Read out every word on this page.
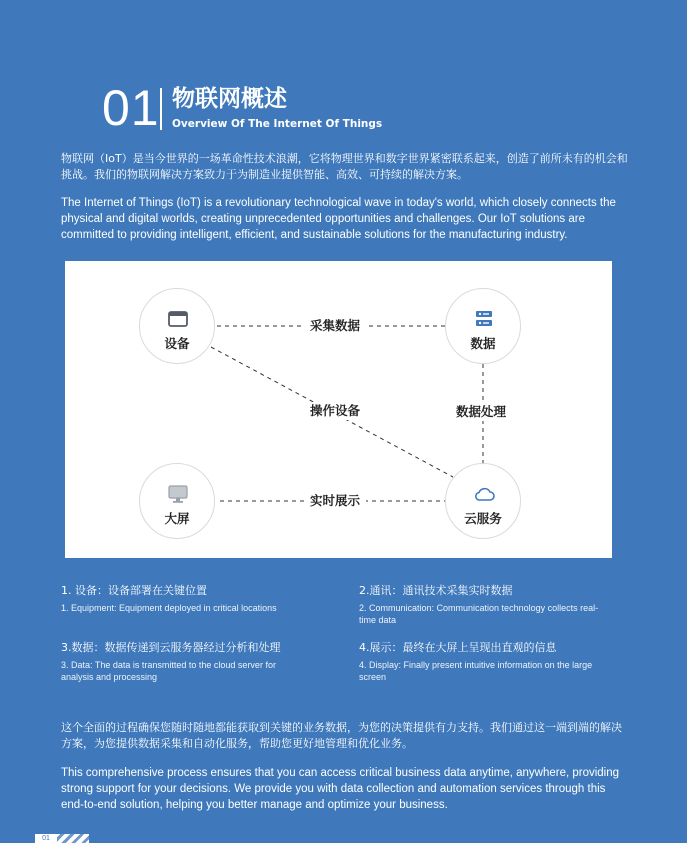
01 物联网概述
Overview Of The Internet Of Things

物联网（IoT）是当今世界的一场革命性技术浪潮，它将物理世界和数字世界紧密联系起来，创造了前所未有的机会和挑战。我们的物联网解决方案致力于为制造业提供智能、高效、可持续的解决方案。

The Internet of Things (IoT) is a revolutionary technological wave in today's world, which closely connects the physical and digital worlds, creating unprecedented opportunities and challenges. Our IoT solutions are committed to providing intelligent, efficient, and sustainable solutions for the manufacturing industry.

设备	数据
大屏	云服务
采集数据
操作设备	数据处理
实时展示
1. 设备：设备部署在关键位置
1. Equipment: Equipment deployed in critical locations
2.通讯：通讯技术采集实时数据
2. Communication: Communication technology collects real-time data
3.数据：数据传递到云服务器经过分析和处理
3. Data: The data is transmitted to the cloud server for analysis and processing
4.展示：最终在大屏上呈现出直观的信息
4. Display: Finally present intuitive information on the large screen

这个全面的过程确保您随时随地都能获取到关键的业务数据，为您的决策提供有力支持。我们通过这一端到端的解决方案，为您提供数据采集和自动化服务，帮助您更好地管理和优化业务。

This comprehensive process ensures that you can access critical business data anytime, anywhere, providing strong support for your decisions. We provide you with data collection and automation services through this end-to-end solution, helping you better manage and optimize your business.

01
